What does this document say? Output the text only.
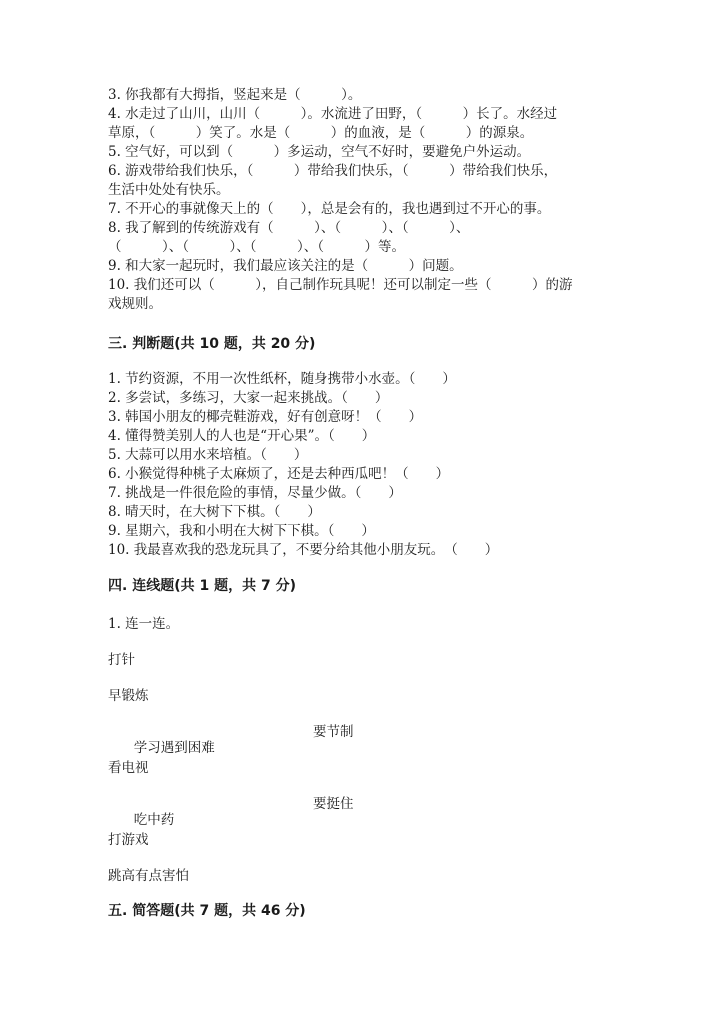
3. 你我都有大拇指，竖起来是（　　　）。

4. 水走过了山川，山川（　　　）。水流进了田野，（　　　）长了。水经过

草原，（　　　）笑了。水是（　　　）的血液，是（　　　）的源泉。

5. 空气好，可以到（　　　）多运动，空气不好时，要避免户外运动。

6. 游戏带给我们快乐，（　　　）带给我们快乐，（　　　）带给我们快乐，

生活中处处有快乐。

7. 不开心的事就像天上的（　　），总是会有的，我也遇到过不开心的事。

8. 我了解到的传统游戏有（　　　）、（　　　）、（　　　）、

（　　　）、（　　　）、（　　　）、（　　　）等。

9. 和大家一起玩时，我们最应该关注的是（　　　）问题。

10. 我们还可以（　　　），自己制作玩具呢！还可以制定一些（　　　）的游

戏规则。

三. 判断题(共 10 题，共 20 分)

1. 节约资源，不用一次性纸杯，随身携带小水壶。（　　）

2. 多尝试，多练习，大家一起来挑战。（　　）

3. 韩国小朋友的椰壳鞋游戏，好有创意呀！（　　）

4. 懂得赞美别人的人也是“开心果”。（　　）

5. 大蒜可以用水来培植。（　　）

6. 小猴觉得种桃子太麻烦了，还是去种西瓜吧！（　　）

7. 挑战是一件很危险的事情，尽量少做。（　　）

8. 晴天时，在大树下下棋。（　　）

9. 星期六，我和小明在大树下下棋。（　　）

10. 我最喜欢我的恐龙玩具了，不要分给其他小朋友玩。　（　　）

四. 连线题(共 1 题，共 7 分)

1. 连一连。
打针
早锻炼

学习遇到困难

要节制

看电视

吃中药

要挺住

打游戏
跳高有点害怕

五. 简答题(共 7 题，共 46 分)
